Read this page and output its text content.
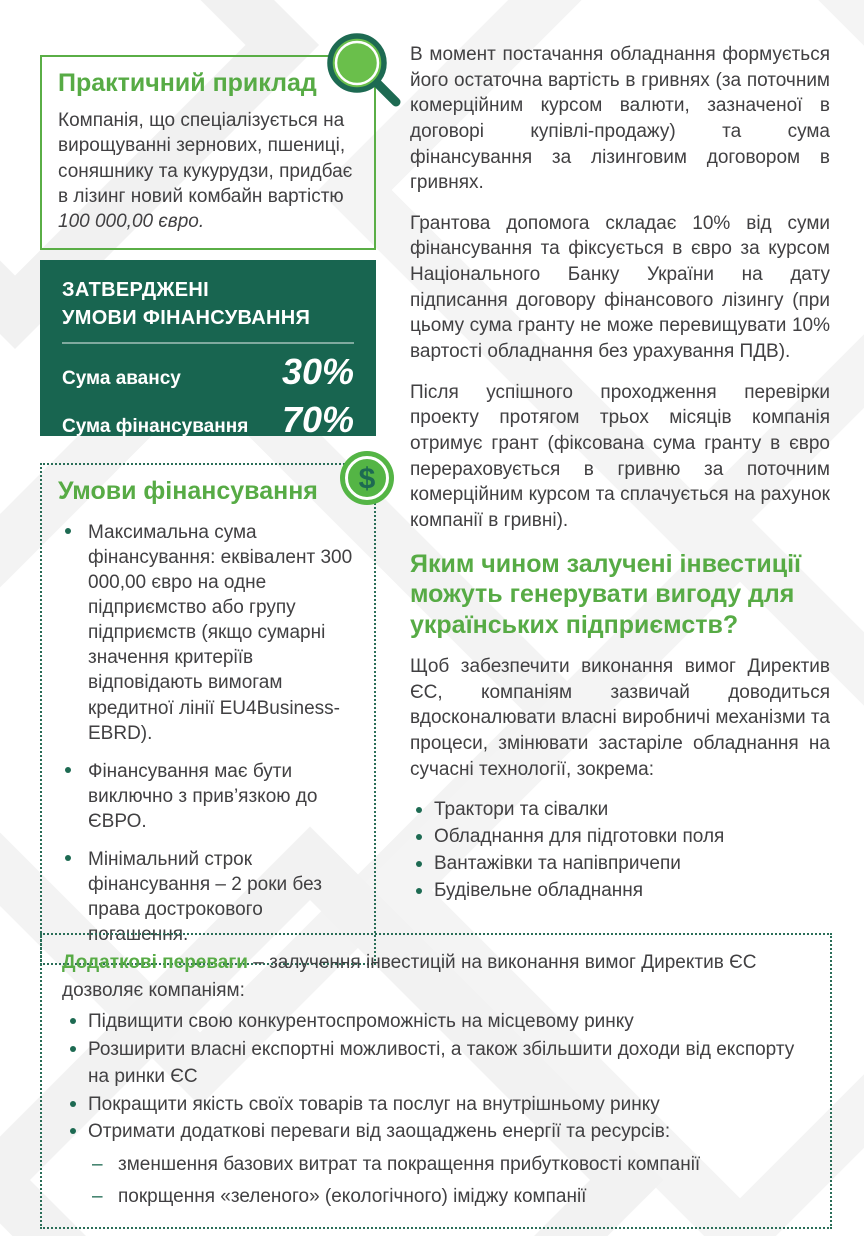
Практичний приклад
Компанія, що спеціалізується на вирощуванні зернових, пшениці, соняшнику та кукурудзи, придбає в лізинг новий комбайн вартістю 100 000,00 євро.
ЗАТВЕРДЖЕНІ
УМОВИ ФІНАНСУВАННЯ
Сума авансу	30%
Сума фінансування 70%
Умови фінансування
Максимальна сума фінансування: еквівалент 300 000,00 євро на одне підприємство або групу підприємств (якщо сумарні значення критеріїв відповідають вимогам кредитної лінії EU4Business-EBRD).
Фінансування має бути виключно з прив’язкою до ЄВРО.
Мінімальний строк фінансування – 2 роки без права дострокового погашення.
$

В момент постачання обладнання формується його остаточна вартість в гривнях (за поточним комерційним курсом валюти, зазначеної в договорі купівлі-продажу) та сума фінансування за лізинговим договором в гривнях.

Грантова допомога складає 10% від суми фінансування та фіксується в євро за курсом Національного Банку України на дату підписання договору фінансового лізингу (при цьому сума гранту не може перевищувати 10% вартості обладнання без урахування ПДВ).

Після успішного проходження перевірки проекту протягом трьох місяців компанія отримує грант (фіксована сума гранту в євро перераховується в гривню за поточним комерційним курсом та сплачується на рахунок компанії в гривні).

Яким чином залучені інвестиції можуть генерувати вигоду для українських підприємств?

Щоб забезпечити виконання вимог Директив ЄС, компаніям зазвичай доводиться вдосконалювати власні виробничі механізми та процеси, змінювати застаріле обладнання на сучасні технології, зокрема:

Трактори та сівалки
Обладнання для підготовки поля
Вантажівки та напівпричепи
Будівельне обладнання
Додаткові переваги – залучення інвестицій на виконання вимог Директив ЄС дозволяє компаніям:
Підвищити свою конкурентоспроможність на місцевому ринку
Розширити власні експортні можливості, а також збільшити доходи від експорту на ринки ЄС
Покращити якість своїх товарів та послуг на внутрішньому ринку
Отримати додаткові переваги від заощаджень енергії та ресурсів:
– зменшення базових витрат та покращення прибутковості компанії
– покрщення «зеленого» (екологічного) іміджу компанії
